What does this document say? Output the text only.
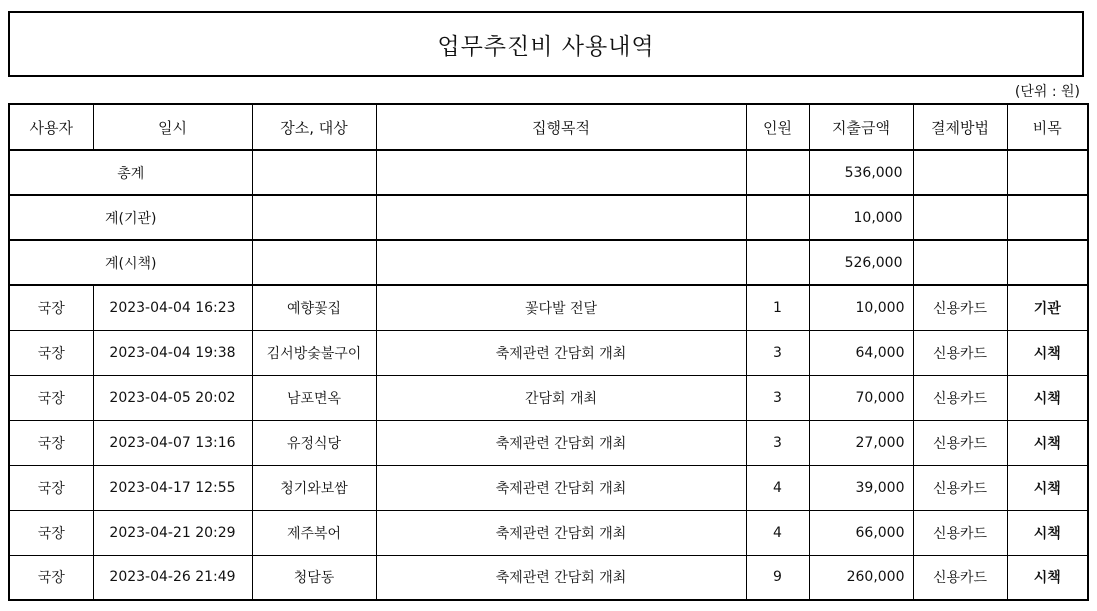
업무추진비 사용내역
(단위 : 원)
사용자	일시	장소, 대상	집행목적	인원	지출금액	결제방법	비목
총계					536,000		
계(기관)					10,000		
계(시책)					526,000		
국장	2023-04-04 16:23	예향꽃집	꽃다발 전달	1	10,000	신용카드	기관
국장	2023-04-04 19:38	김서방숯불구이	축제관련 간담회 개최	3	64,000	신용카드	시책
국장	2023-04-05 20:02	남포면옥	간담회 개최	3	70,000	신용카드	시책
국장	2023-04-07 13:16	유정식당	축제관련 간담회 개최	3	27,000	신용카드	시책
국장	2023-04-17 12:55	청기와보쌈	축제관련 간담회 개최	4	39,000	신용카드	시책
국장	2023-04-21 20:29	제주복어	축제관련 간담회 개최	4	66,000	신용카드	시책
국장	2023-04-26 21:49	청담동	축제관련 간담회 개최	9	260,000	신용카드	시책
